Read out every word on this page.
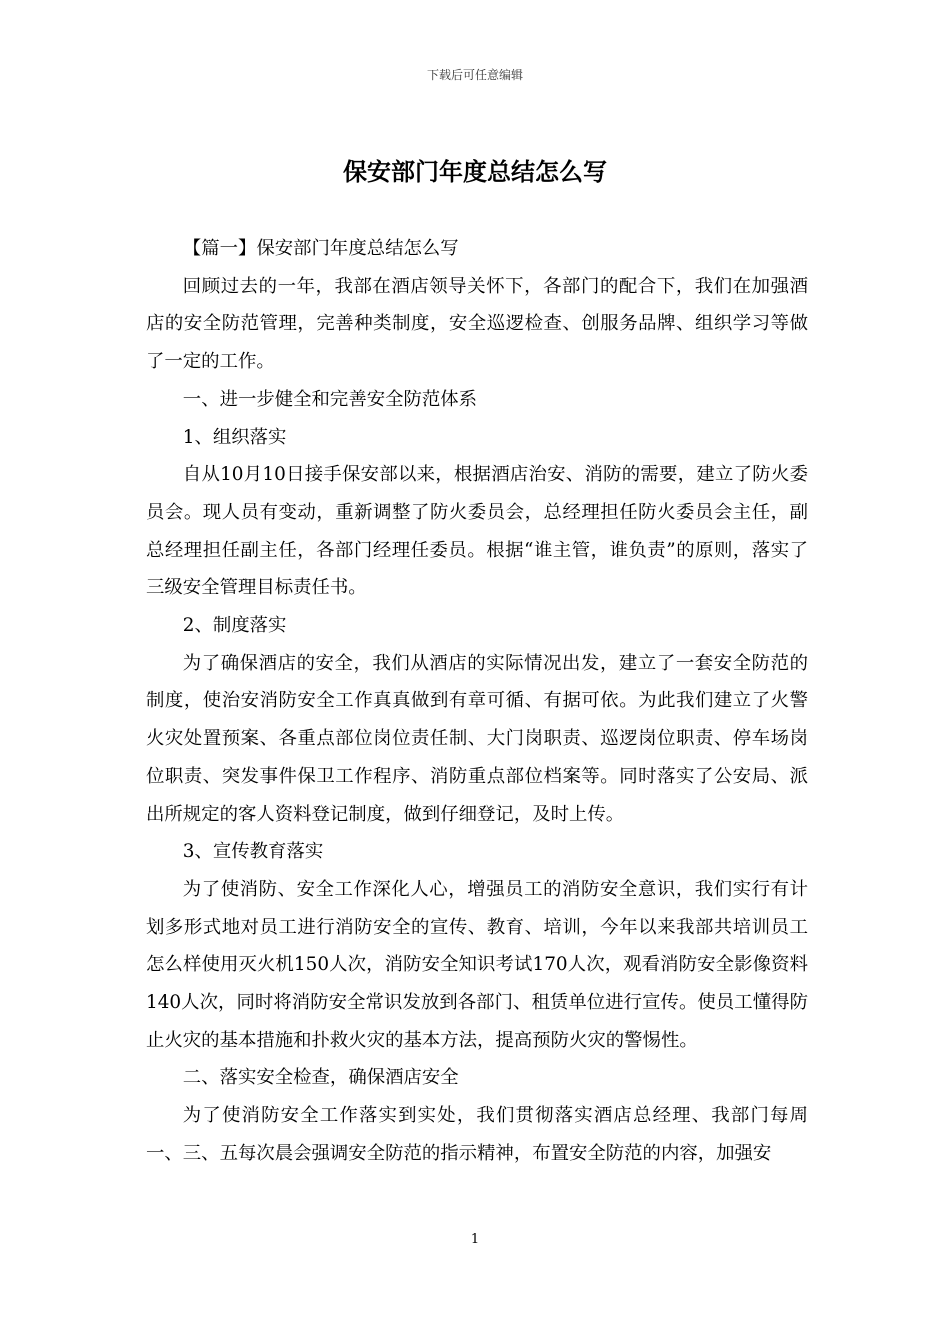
下载后可任意编辑
保安部门年度总结怎么写

【篇一】保安部门年度总结怎么写

回顾过去的一年，我部在酒店领导关怀下，各部门的配合下，我们在加强酒店的安全防范管理，完善种类制度，安全巡逻检查、创服务品牌、组织学习等做了一定的工作。

一、进一步健全和完善安全防范体系

1、组织落实

自从10月10日接手保安部以来，根据酒店治安、消防的需要，建立了防火委员会。现人员有变动，重新调整了防火委员会，总经理担任防火委员会主任，副总经理担任副主任，各部门经理任委员。根据“谁主管，谁负责”的原则，落实了三级安全管理目标责任书。

2、制度落实

为了确保酒店的安全，我们从酒店的实际情况出发，建立了一套安全防范的制度，使治安消防安全工作真真做到有章可循、有据可依。为此我们建立了火警火灾处置预案、各重点部位岗位责任制、大门岗职责、巡逻岗位职责、停车场岗位职责、突发事件保卫工作程序、消防重点部位档案等。同时落实了公安局、派出所规定的客人资料登记制度，做到仔细登记，及时上传。

3、宣传教育落实

为了使消防、安全工作深化人心，增强员工的消防安全意识，我们实行有计划多形式地对员工进行消防安全的宣传、教育、培训，今年以来我部共培训员工怎么样使用灭火机150人次，消防安全知识考试170人次，观看消防安全影像资料140人次，同时将消防安全常识发放到各部门、租赁单位进行宣传。使员工懂得防止火灾的基本措施和扑救火灾的基本方法，提高预防火灾的警惕性。

二、落实安全检查，确保酒店安全

为了使消防安全工作落实到实处，我们贯彻落实酒店总经理、我部门每周一、三、五每次晨会强调安全防范的指示精神，布置安全防范的内容，加强安

1
